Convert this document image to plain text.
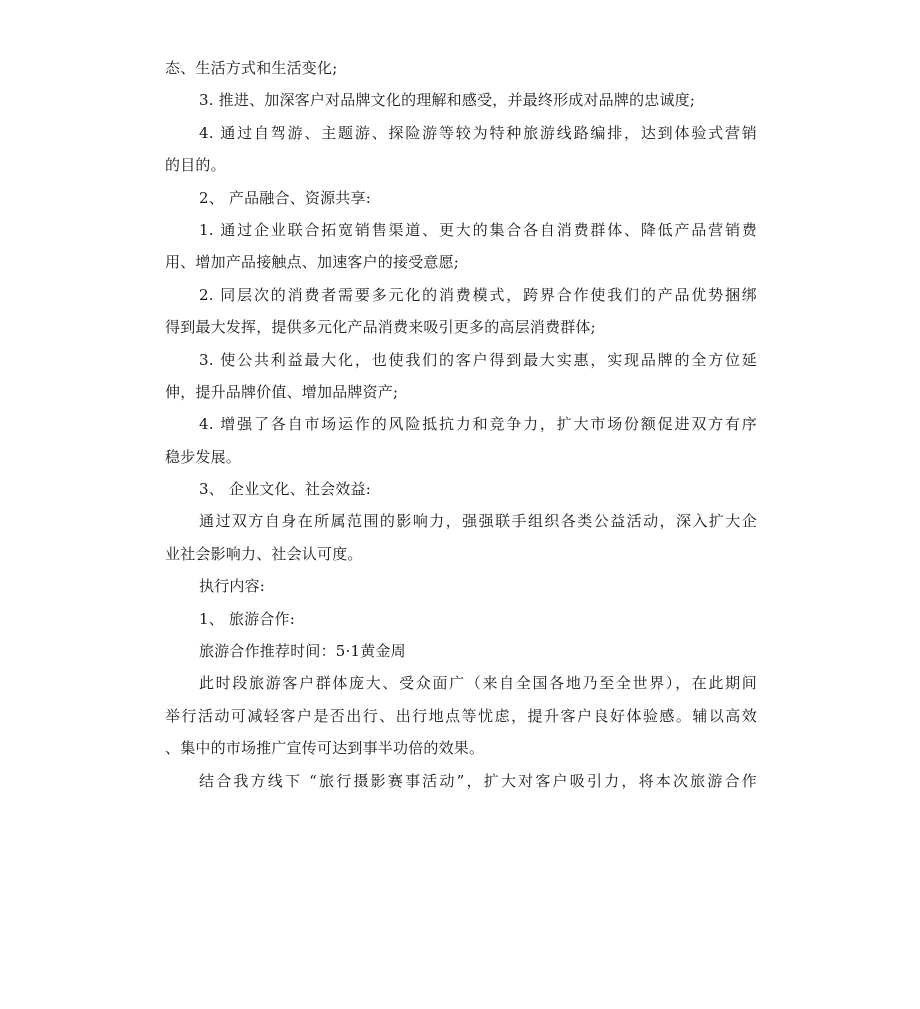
态、生活方式和生活变化;
3. 推进、加深客户对品牌文化的理解和感受，并最终形成对品牌的忠诚度;
4. 通过自驾游、主题游、探险游等较为特种旅游线路编排，达到体验式营销
的目的。
2、 产品融合、资源共享:
1. 通过企业联合拓宽销售渠道、更大的集合各自消费群体、降低产品营销费
用、增加产品接触点、加速客户的接受意愿;
2. 同层次的消费者需要多元化的消费模式，跨界合作使我们的产品优势捆绑
得到最大发挥，提供多元化产品消费来吸引更多的高层消费群体;
3. 使公共利益最大化，也使我们的客户得到最大实惠，实现品牌的全方位延
伸，提升品牌价值、增加品牌资产;
4. 增强了各自市场运作的风险抵抗力和竞争力，扩大市场份额促进双方有序
稳步发展。
3、 企业文化、社会效益:
通过双方自身在所属范围的影响力，强强联手组织各类公益活动，深入扩大企
业社会影响力、社会认可度。
执行内容:
1、 旅游合作:
旅游合作推荐时间：5·1黄金周
此时段旅游客户群体庞大、受众面广（来自全国各地乃至全世界），在此期间
举行活动可减轻客户是否出行、出行地点等忧虑，提升客户良好体验感。辅以高效
、集中的市场推广宣传可达到事半功倍的效果。
结合我方线下 “旅行摄影赛事活动”，扩大对客户吸引力，将本次旅游合作
